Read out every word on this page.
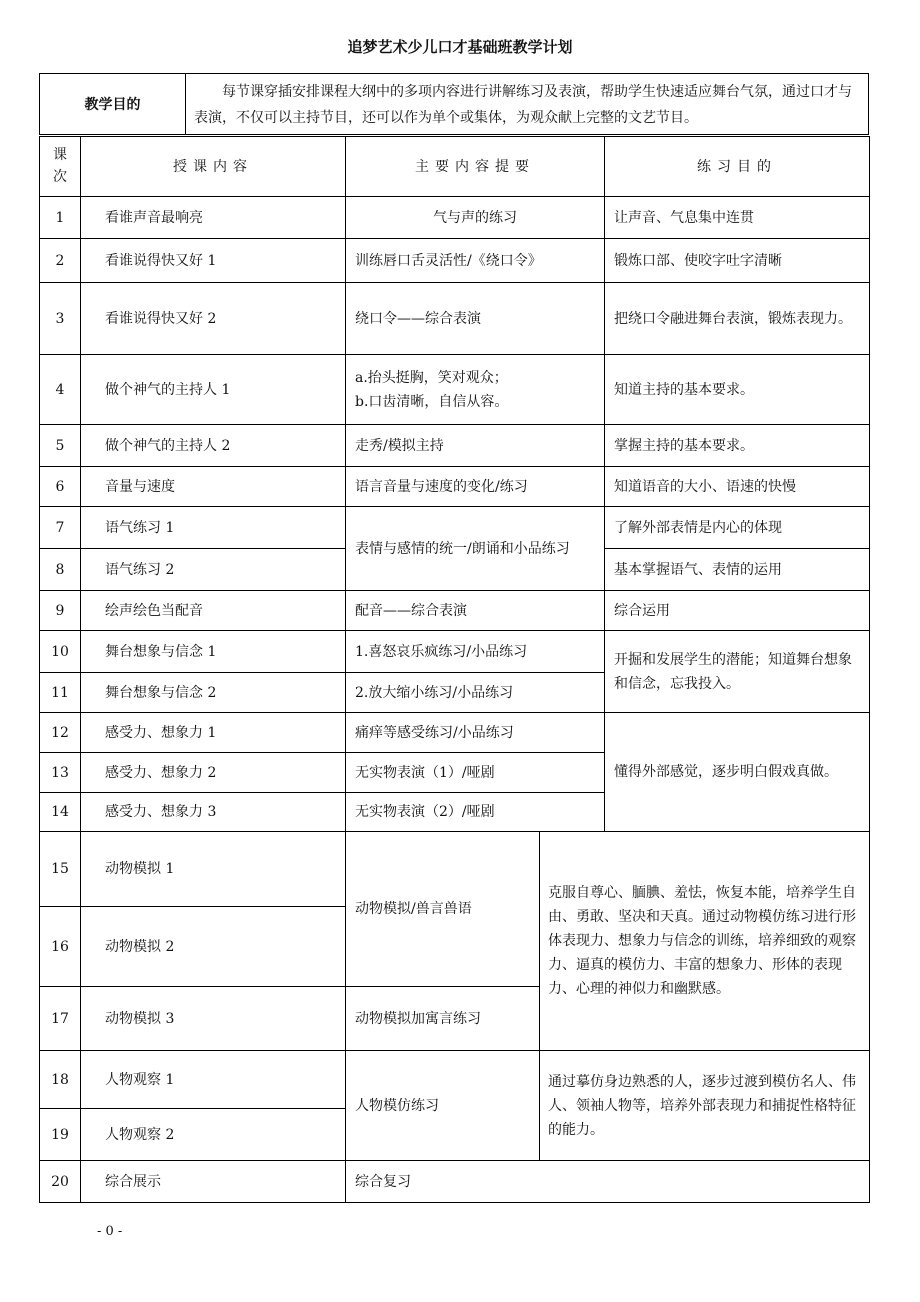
追梦艺术少儿口才基础班教学计划
教学目的
每节课穿插安排课程大纲中的多项内容进行讲解练习及表演，帮助学生快速适应舞台气氛，通过口才与表演，不仅可以主持节目，还可以作为单个或集体，为观众献上完整的文艺节目。
课次	授课内容	主要内容提要		练习目的
1	看谁声音最响亮	气与声的练习		让声音、气息集中连贯
2	看谁说得快又好 1	训练唇口舌灵活性/《绕口令》		锻炼口部、使咬字吐字清晰
3	看谁说得快又好 2	绕口令——综合表演		把绕口令融进舞台表演，锻炼表现力。
4	做个神气的主持人 1	a.抬头挺胸，笑对观众；
b.口齿清晰，自信从容。		知道主持的基本要求。
5	做个神气的主持人 2	走秀/模拟主持		掌握主持的基本要求。
6	音量与速度	语言音量与速度的变化/练习		知道语音的大小、语速的快慢
7	语气练习 1	表情与感情的统一/朗诵和小品练习		了解外部表情是内心的体现
8	语气练习 2			基本掌握语气、表情的运用
9	绘声绘色当配音	配音——综合表演		综合运用
10	舞台想象与信念 1	1.喜怒哀乐疯练习/小品练习		开掘和发展学生的潜能；知道舞台想象和信念，忘我投入。
11	舞台想象与信念 2	2.放大缩小练习/小品练习		
12	感受力、想象力 1	痛痒等感受练习/小品练习		懂得外部感觉，逐步明白假戏真做。
13	感受力、想象力 2	无实物表演（1）/哑剧		
14	感受力、想象力 3	无实物表演（2）/哑剧		
15	动物模拟 1	动物模拟/兽言兽语	克服自尊心、腼腆、羞怯，恢复本能，培养学生自由、勇敢、坚决和天真。通过动物模仿练习进行形体表现力、想象力与信念的训练，培养细致的观察力、逼真的模仿力、丰富的想象力、形体的表现力、心理的神似力和幽默感。	
16	动物模拟 2			
17	动物模拟 3	动物模拟加寓言练习		
18	人物观察 1	人物模仿练习	通过摹仿身边熟悉的人，逐步过渡到模仿名人、伟人、领袖人物等，培养外部表现力和捕捉性格特征的能力。	
19	人物观察 2			
20	综合展示	综合复习		
- 0 -
